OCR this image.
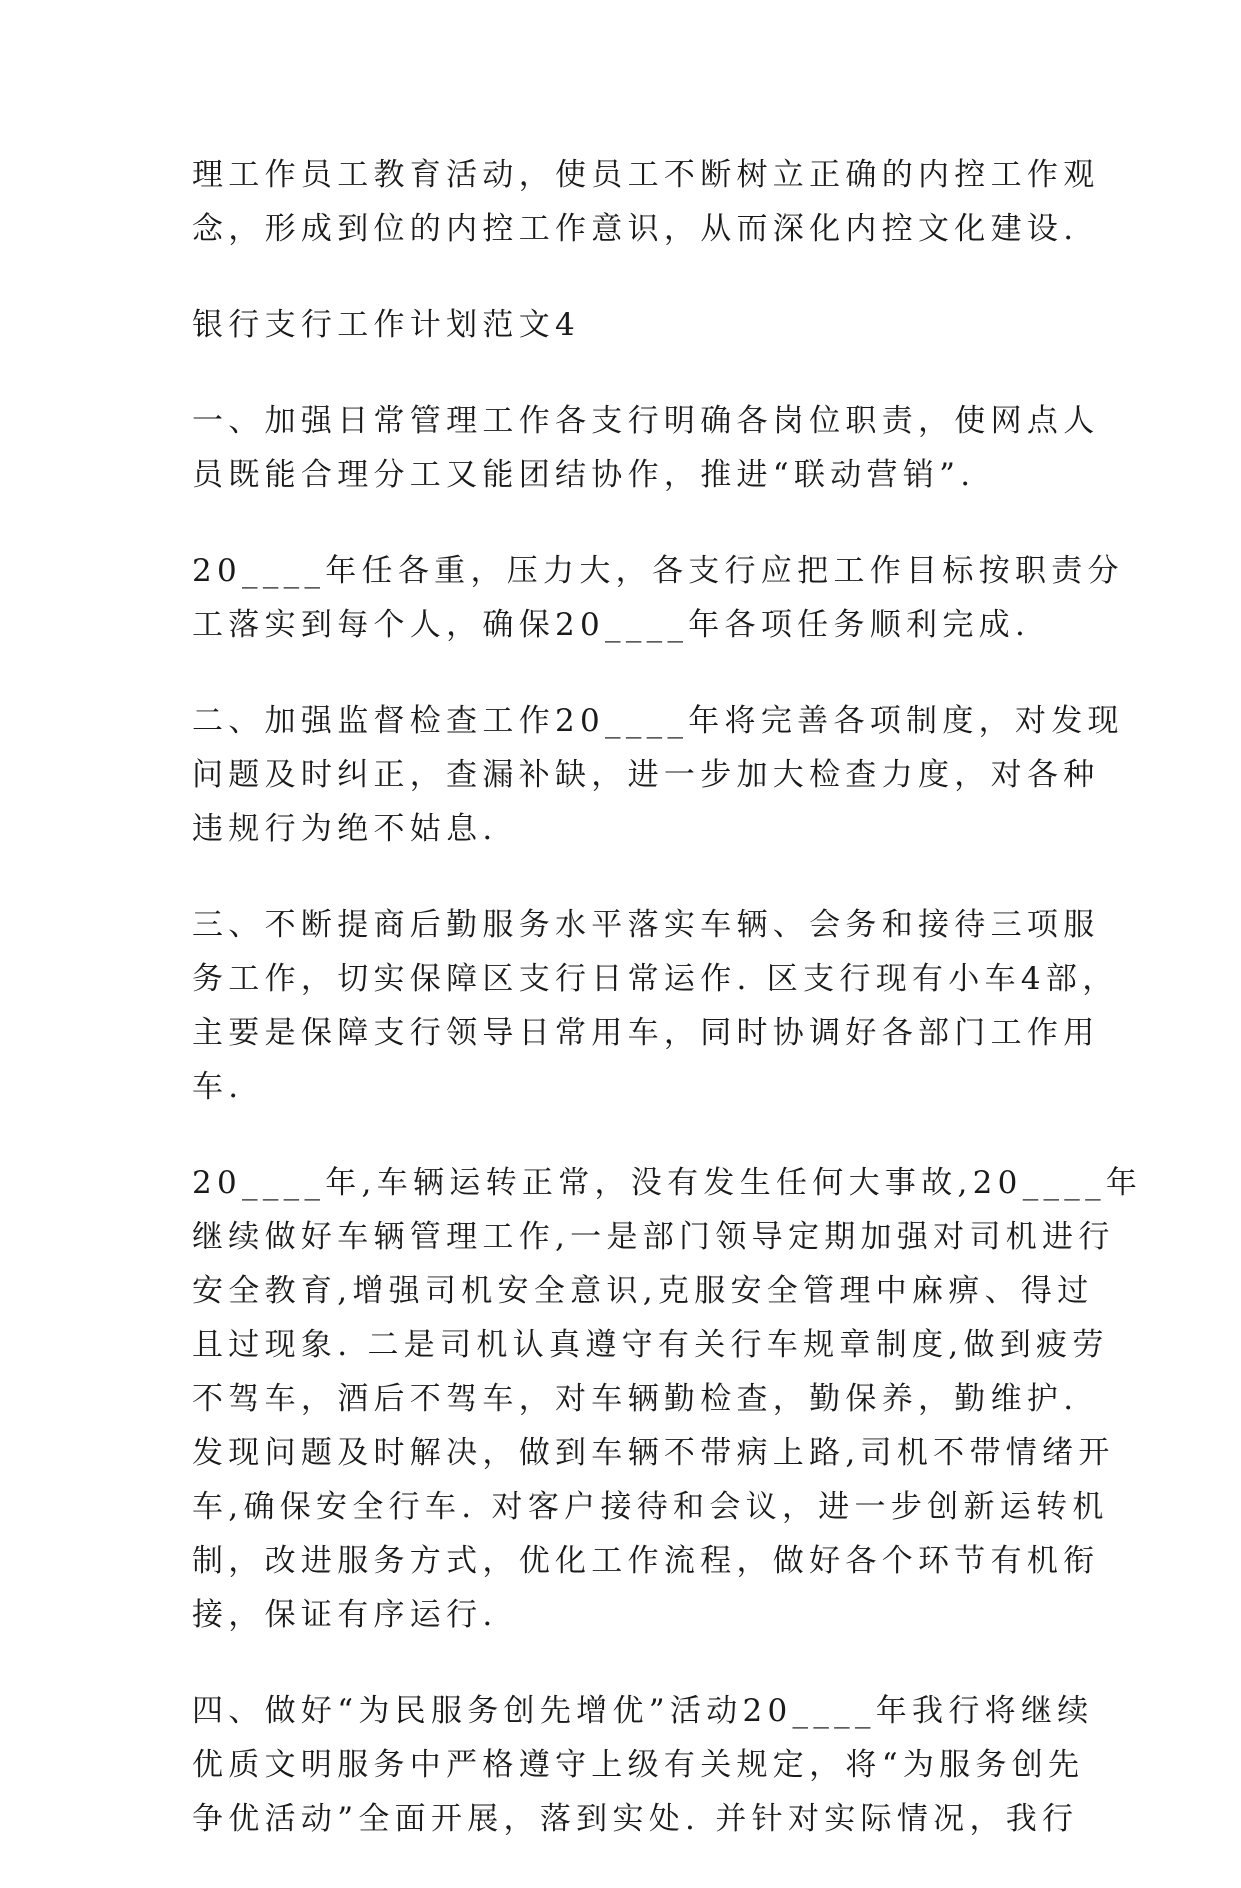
理工作员工教育活动，使员工不断树立正确的内控工作观
念，形成到位的内控工作意识，从而深化内控文化建设.
银行支行工作计划范文4
一、加强日常管理工作各支行明确各岗位职责，使网点人
员既能合理分工又能团结协作，推进“联动营销”.
20____年任各重，压力大，各支行应把工作目标按职责分
工落实到每个人，确保20____年各项任务顺利完成.
二、加强监督检查工作20____年将完善各项制度，对发现
问题及时纠正，查漏补缺，进一步加大检查力度，对各种
违规行为绝不姑息.
三、不断提商后勤服务水平落实车辆、会务和接待三项服
务工作，切实保障区支行日常运作. 区支行现有小车4部，
主要是保障支行领导日常用车，同时协调好各部门工作用
车.
20____年,车辆运转正常，没有发生任何大事故,20____年
继续做好车辆管理工作,一是部门领导定期加强对司机进行
安全教育,增强司机安全意识,克服安全管理中麻痹、得过
且过现象. 二是司机认真遵守有关行车规章制度,做到疲劳
不驾车，酒后不驾车，对车辆勤检查，勤保养，勤维护.
发现问题及时解决，做到车辆不带病上路,司机不带情绪开
车,确保安全行车. 对客户接待和会议，进一步创新运转机
制，改进服务方式，优化工作流程，做好各个环节有机衔
接，保证有序运行.
四、做好“为民服务创先增优”活动20____年我行将继续
优质文明服务中严格遵守上级有关规定，将“为服务创先
争优活动”全面开展，落到实处. 并针对实际情况，我行
